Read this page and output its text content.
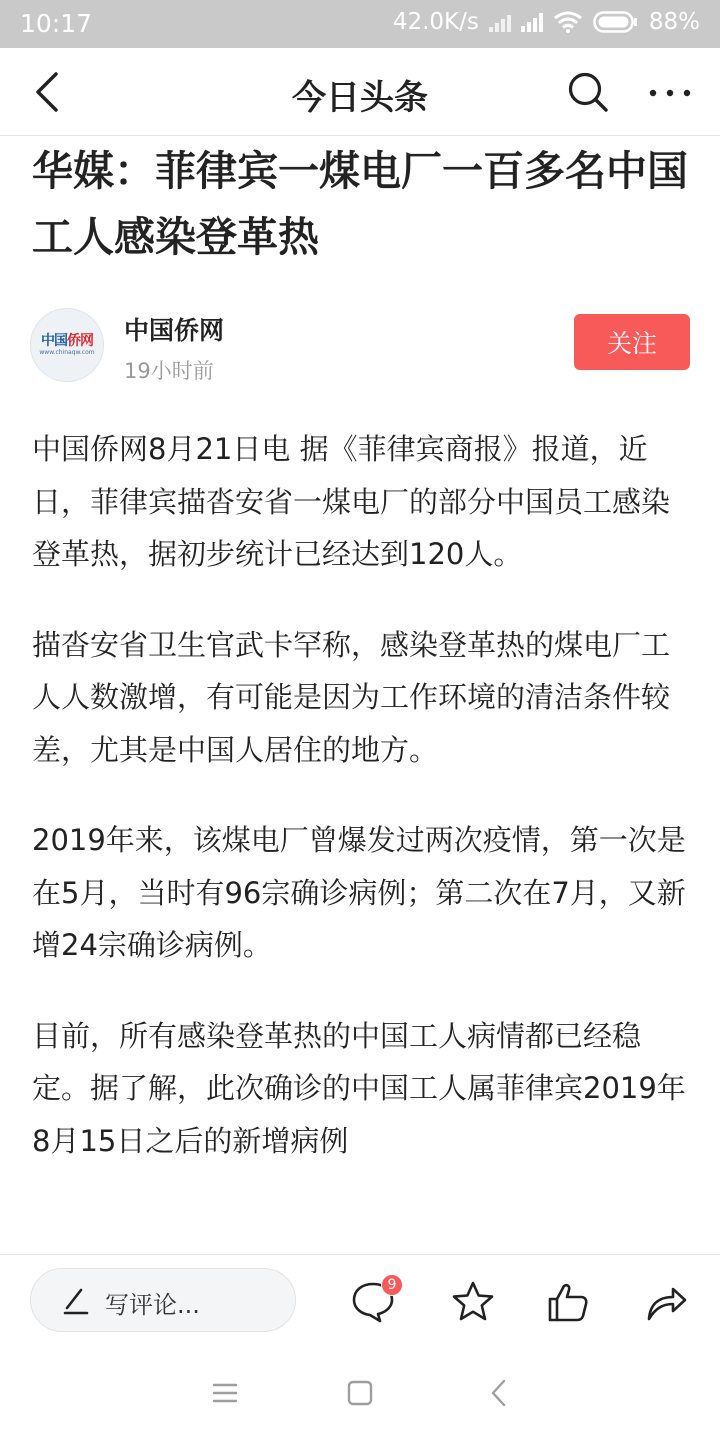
10:17	42.0K/s	88%
今日头条
华媒：菲律宾一煤电厂一百多名中国工人感染登革热
中国侨网
www.chinaqw.com
中国侨网
19小时前
关注

中国侨网8月21日电 据《菲律宾商报》报道，近日，菲律宾描沓安省一煤电厂的部分中国员工感染登革热，据初步统计已经达到120人。

描沓安省卫生官武卡罕称，感染登革热的煤电厂工人人数激增，有可能是因为工作环境的清洁条件较差，尤其是中国人居住的地方。

2019年来，该煤电厂曾爆发过两次疫情，第一次是在5月，当时有96宗确诊病例；第二次在7月，又新增24宗确诊病例。

目前，所有感染登革热的中国工人病情都已经稳定。据了解，此次确诊的中国工人属菲律宾2019年8月15日之后的新增病例

写评论...
9
